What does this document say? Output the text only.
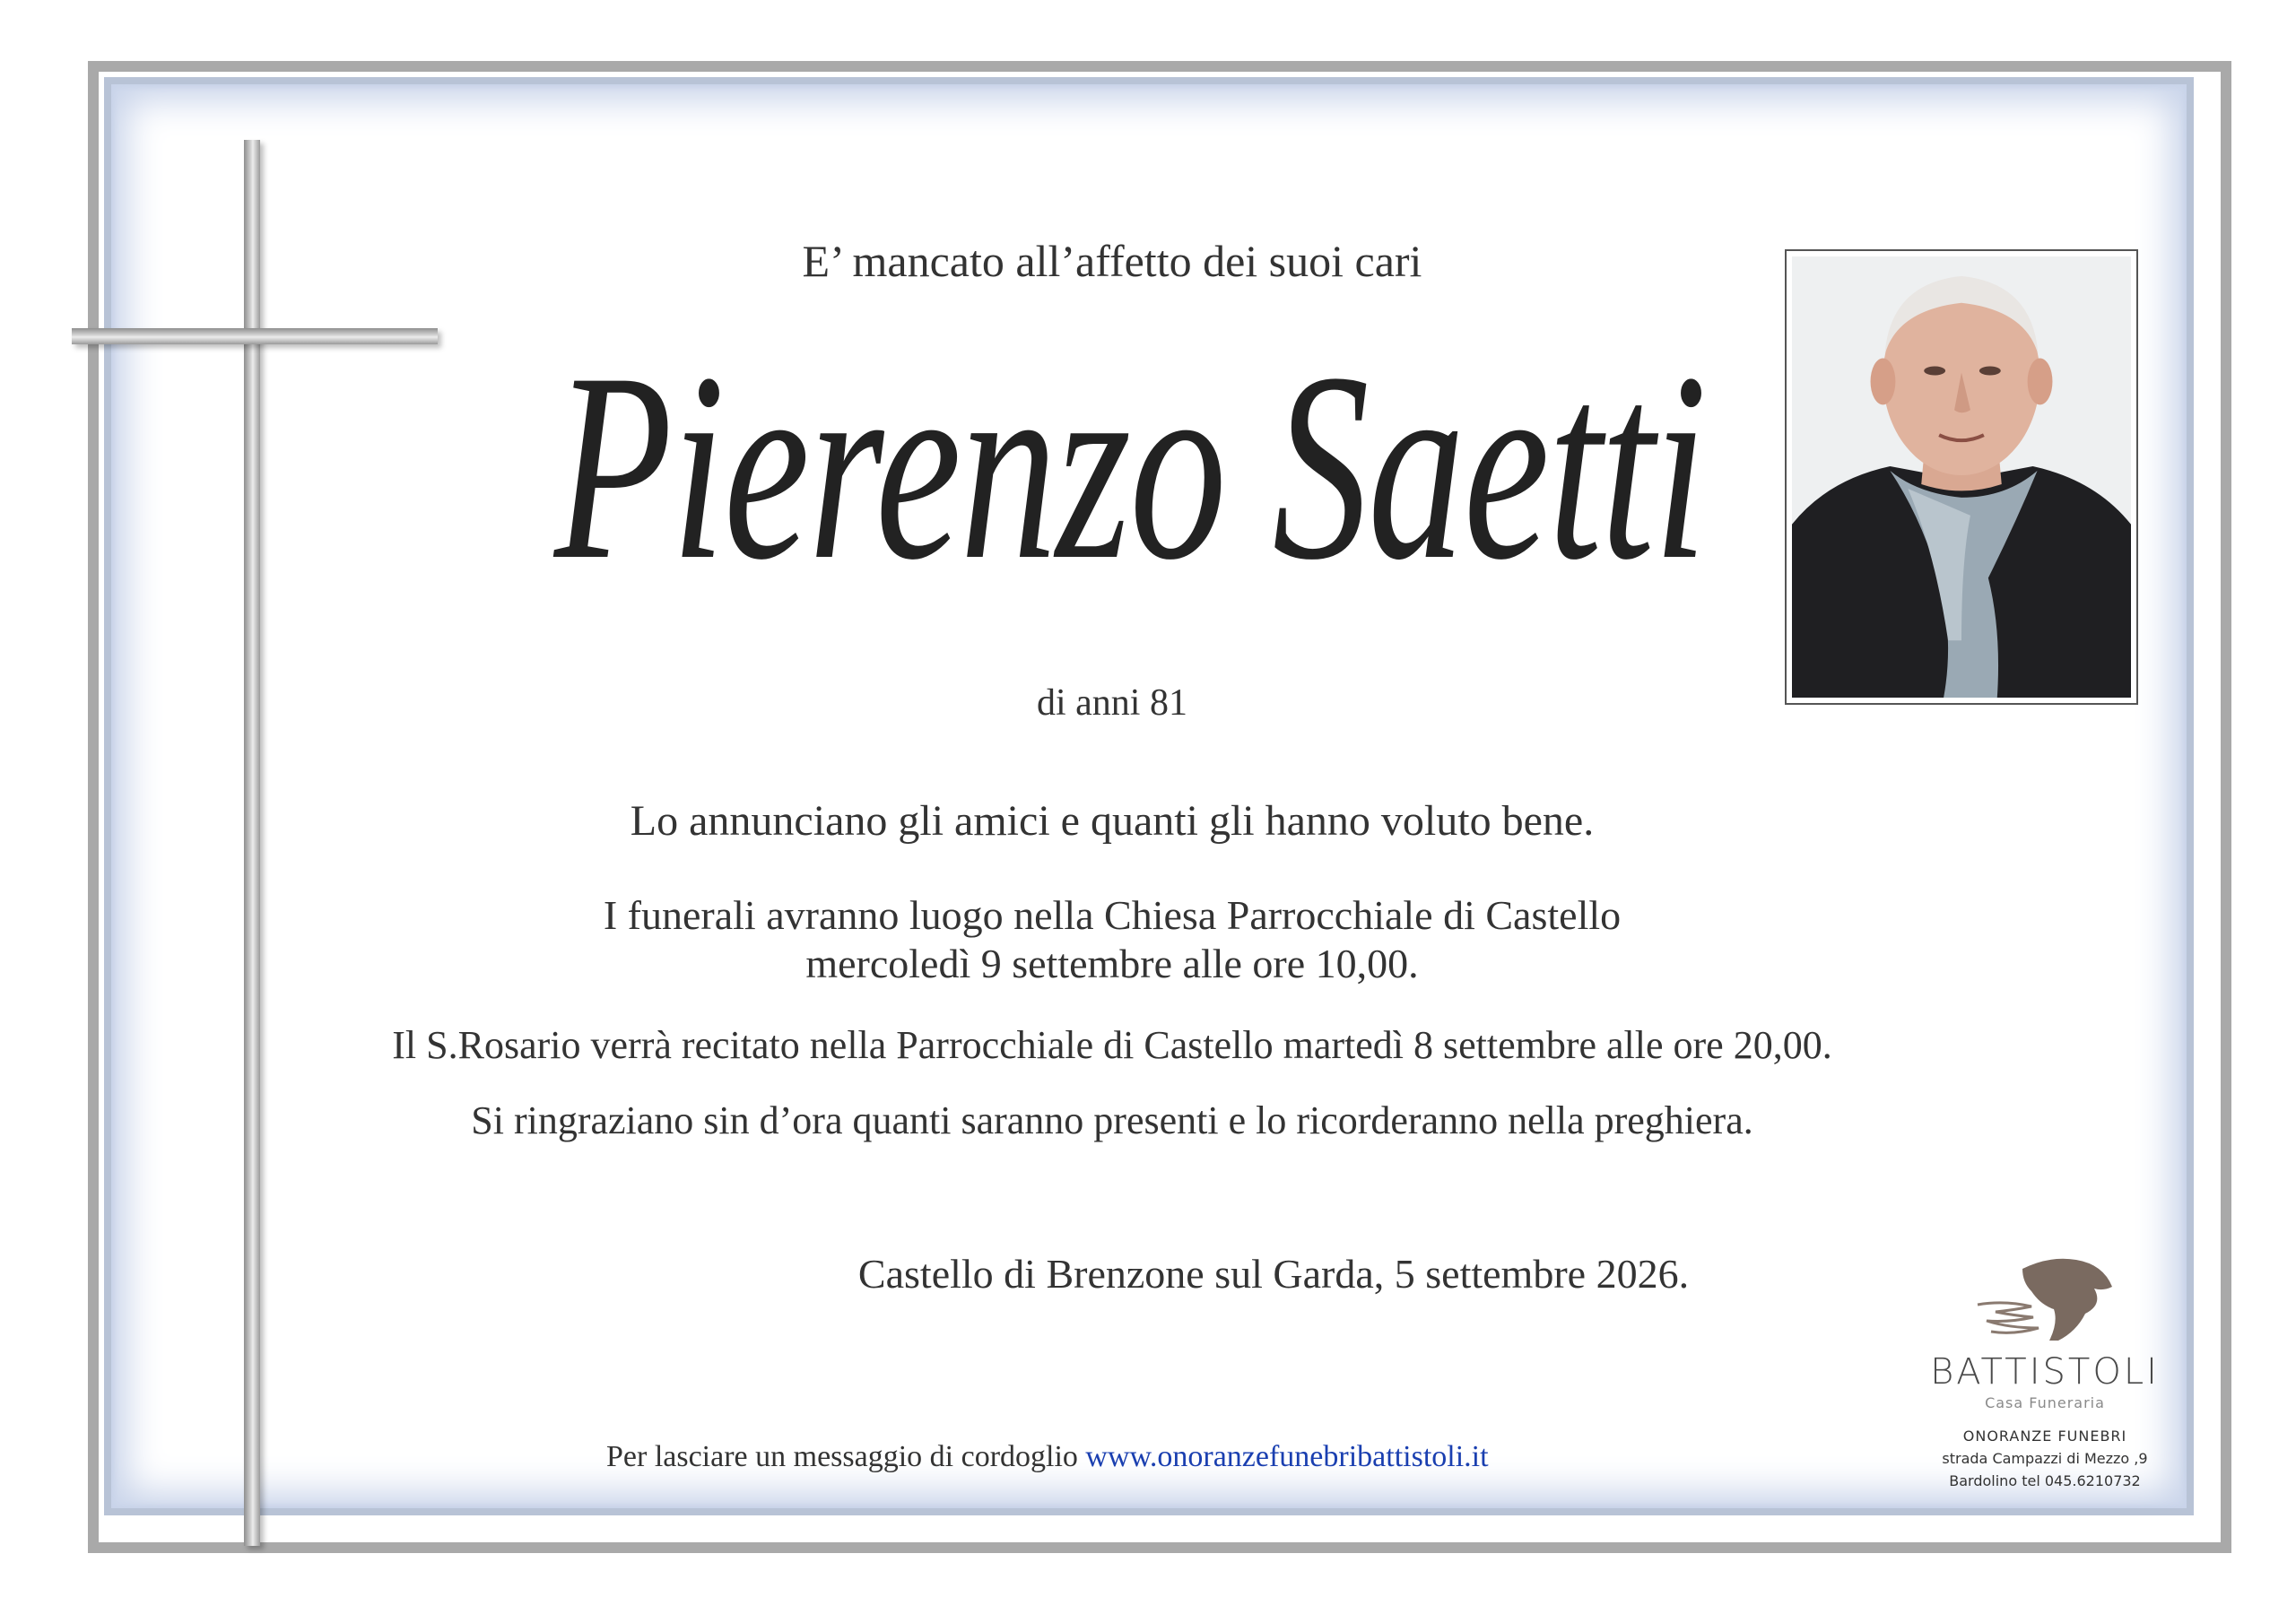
E’ mancato all’affetto dei suoi cari
Pierenzo Saetti
di anni 81
Lo annunciano gli amici e quanti gli hanno voluto bene.
I funerali avranno luogo nella Chiesa Parrocchiale di Castello
mercoledì 9 settembre alle ore 10,00.
Il S.Rosario verrà recitato nella Parrocchiale di Castello martedì 8 settembre alle ore 20,00.
Si ringraziano sin d’ora quanti saranno presenti e lo ricorderanno nella preghiera.
Castello di Brenzone sul Garda, 5 settembre 2026.
Per lasciare un messaggio di cordoglio www.onoranzefunebribattistoli.it
BATTISTOLI
Casa Funeraria
ONORANZE FUNEBRI
strada Campazzi di Mezzo ,9
Bardolino tel 045.6210732
